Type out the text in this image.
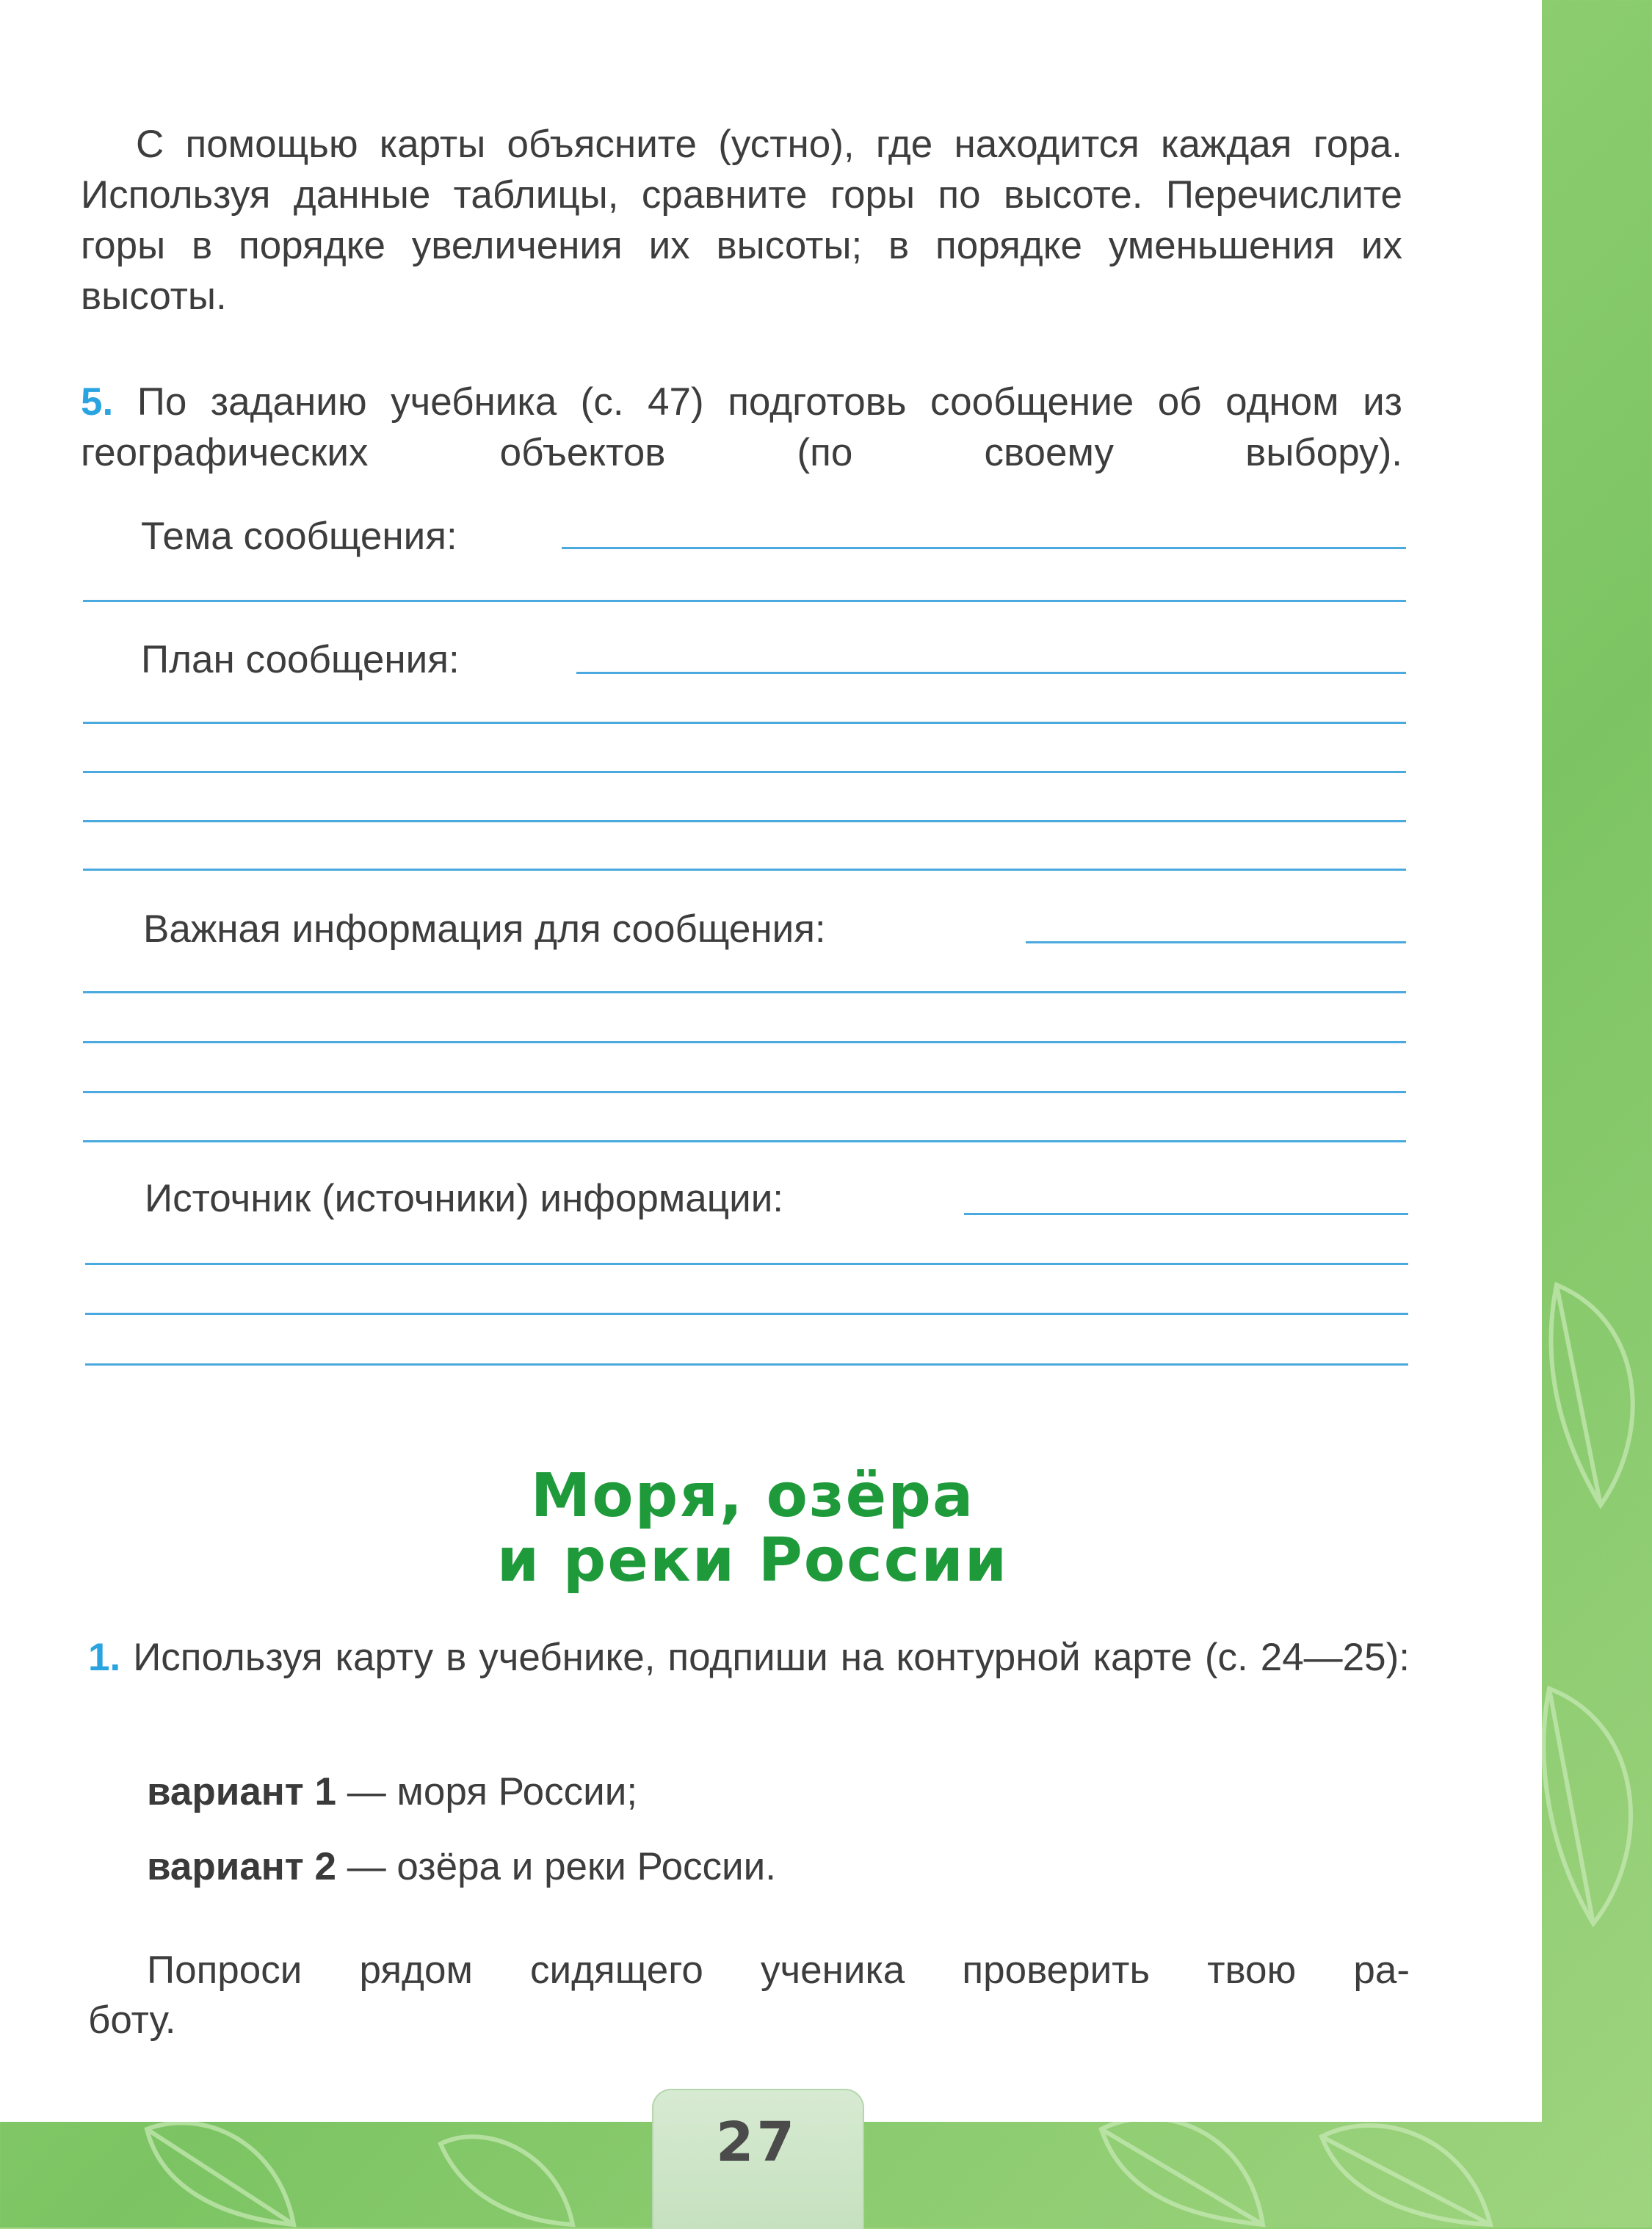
С помощью карты объясните (устно), где находится каждая гора. Используя данные таблицы, сравните горы по высоте. Перечислите горы в порядке увеличения их высоты; в порядке уменьшения их высоты.
5. По заданию учебника (с. 47) подготовь сообщение об одном из географических объектов (по своему выбору).
Тема сообщения:
План сообщения:
Важная информация для сообщения:
Источник (источники) информации:
Моря, озёра
и реки России
1. Используя карту в учебнике, подпиши на контурной карте (с. 24—25):
вариант 1 — моря России;
вариант 2 — озёра и реки России.
Попроси рядом сидящего ученика проверить твою ра-
боту.
27
